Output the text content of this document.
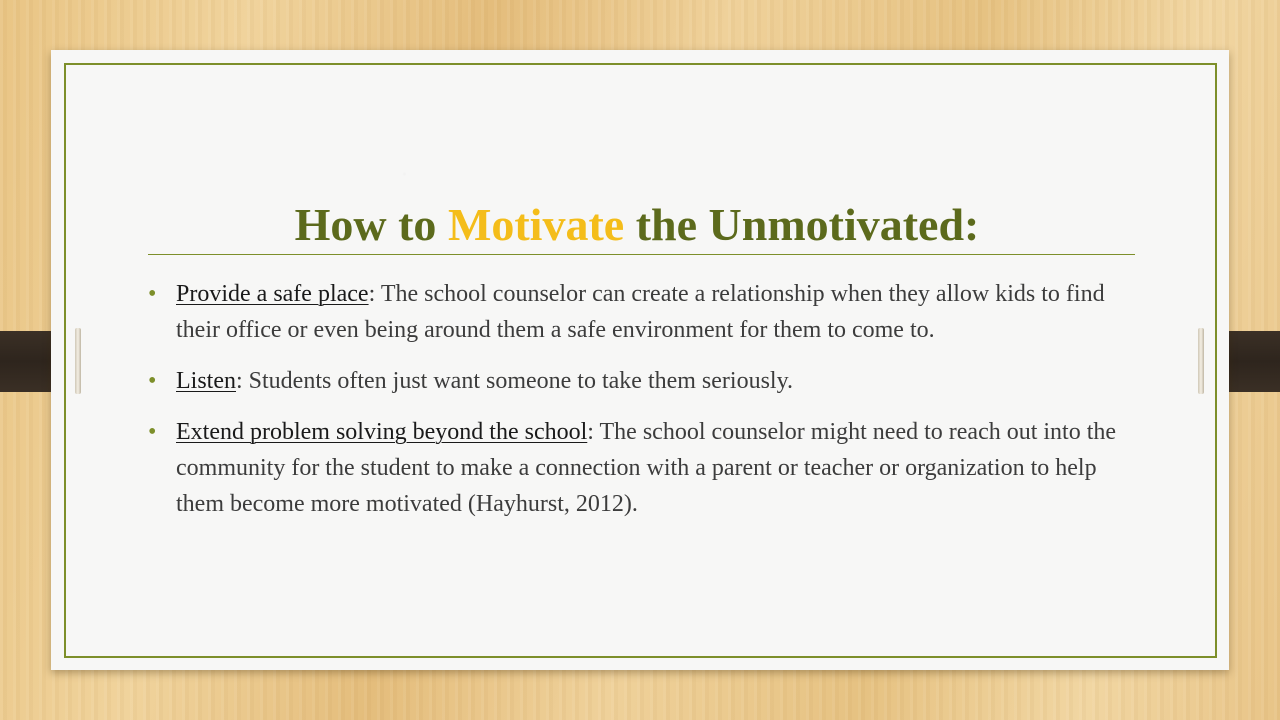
How to Motivate the Unmotivated:
• Provide a safe place: The school counselor can create a relationship when they allow kids to find their office or even being around them a safe environment for them to come to.
• Listen: Students often just want someone to take them seriously.
• Extend problem solving beyond the school: The school counselor might need to reach out into the community for the student to make a connection with a parent or teacher or organization to help them become more motivated (Hayhurst, 2012).
